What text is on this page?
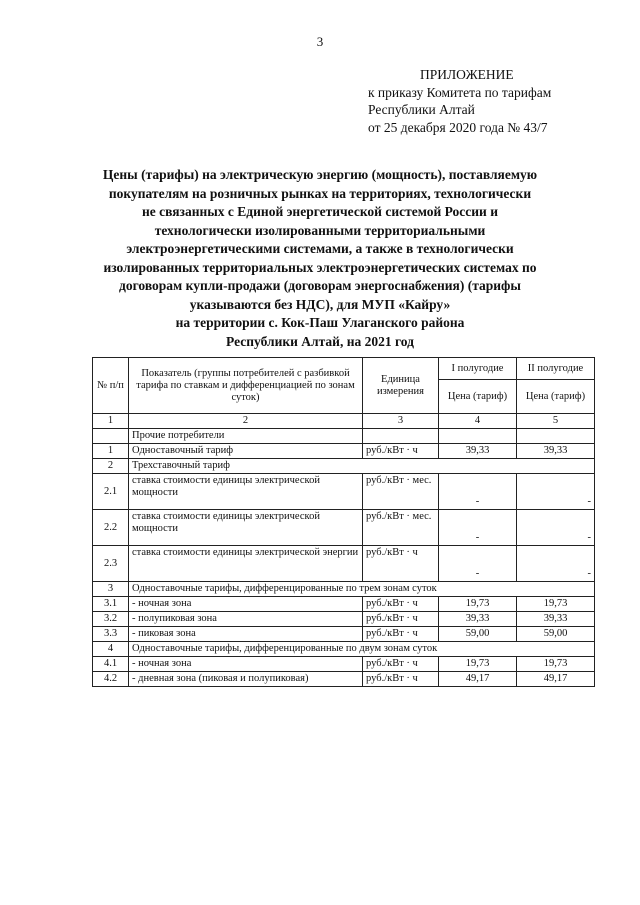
3
ПРИЛОЖЕНИЕ
к приказу Комитета по тарифам
Республики Алтай
от 25 декабря 2020 года № 43/7
Цены (тарифы) на электрическую энергию (мощность), поставляемую
покупателям на розничных рынках на территориях, технологически
не связанных с Единой энергетической системой России и
технологически изолированными территориальными
электроэнергетическими системами, а также в технологически
изолированных территориальных электроэнергетических системах по
договорам купли-продажи (договорам энергоснабжения) (тарифы
указываются без НДС), для МУП «Кайру»
на территории с. Кок-Паш Улаганского района
Республики Алтай, на 2021 год
№ п/п	Показатель (группы потребителей с разбивкой тарифа по ставкам и дифференциацией по зонам суток)	Единица измерения	I полугодие	II полугодие
			Цена (тариф)	Цена (тариф)
1	2	3	4	5
	Прочие потребители			
1	Одноставочный тариф	руб./кВт · ч	39,33	39,33
2	Трехставочный тариф			
2.1	ставка стоимости единицы электрической мощности	руб./кВт · мес.	-	-
2.2	ставка стоимости единицы электрической мощности	руб./кВт · мес.	-	-
2.3	ставка стоимости единицы электрической энергии	руб./кВт · ч	-	-
3	Одноставочные тарифы, дифференцированные по трем зонам суток			
3.1	- ночная зона	руб./кВт · ч	19,73	19,73
3.2	- полупиковая зона	руб./кВт · ч	39,33	39,33
3.3	- пиковая зона	руб./кВт · ч	59,00	59,00
4	Одноставочные тарифы, дифференцированные по двум зонам суток			
4.1	- ночная зона	руб./кВт · ч	19,73	19,73
4.2	- дневная зона (пиковая и полупиковая)	руб./кВт · ч	49,17	49,17
